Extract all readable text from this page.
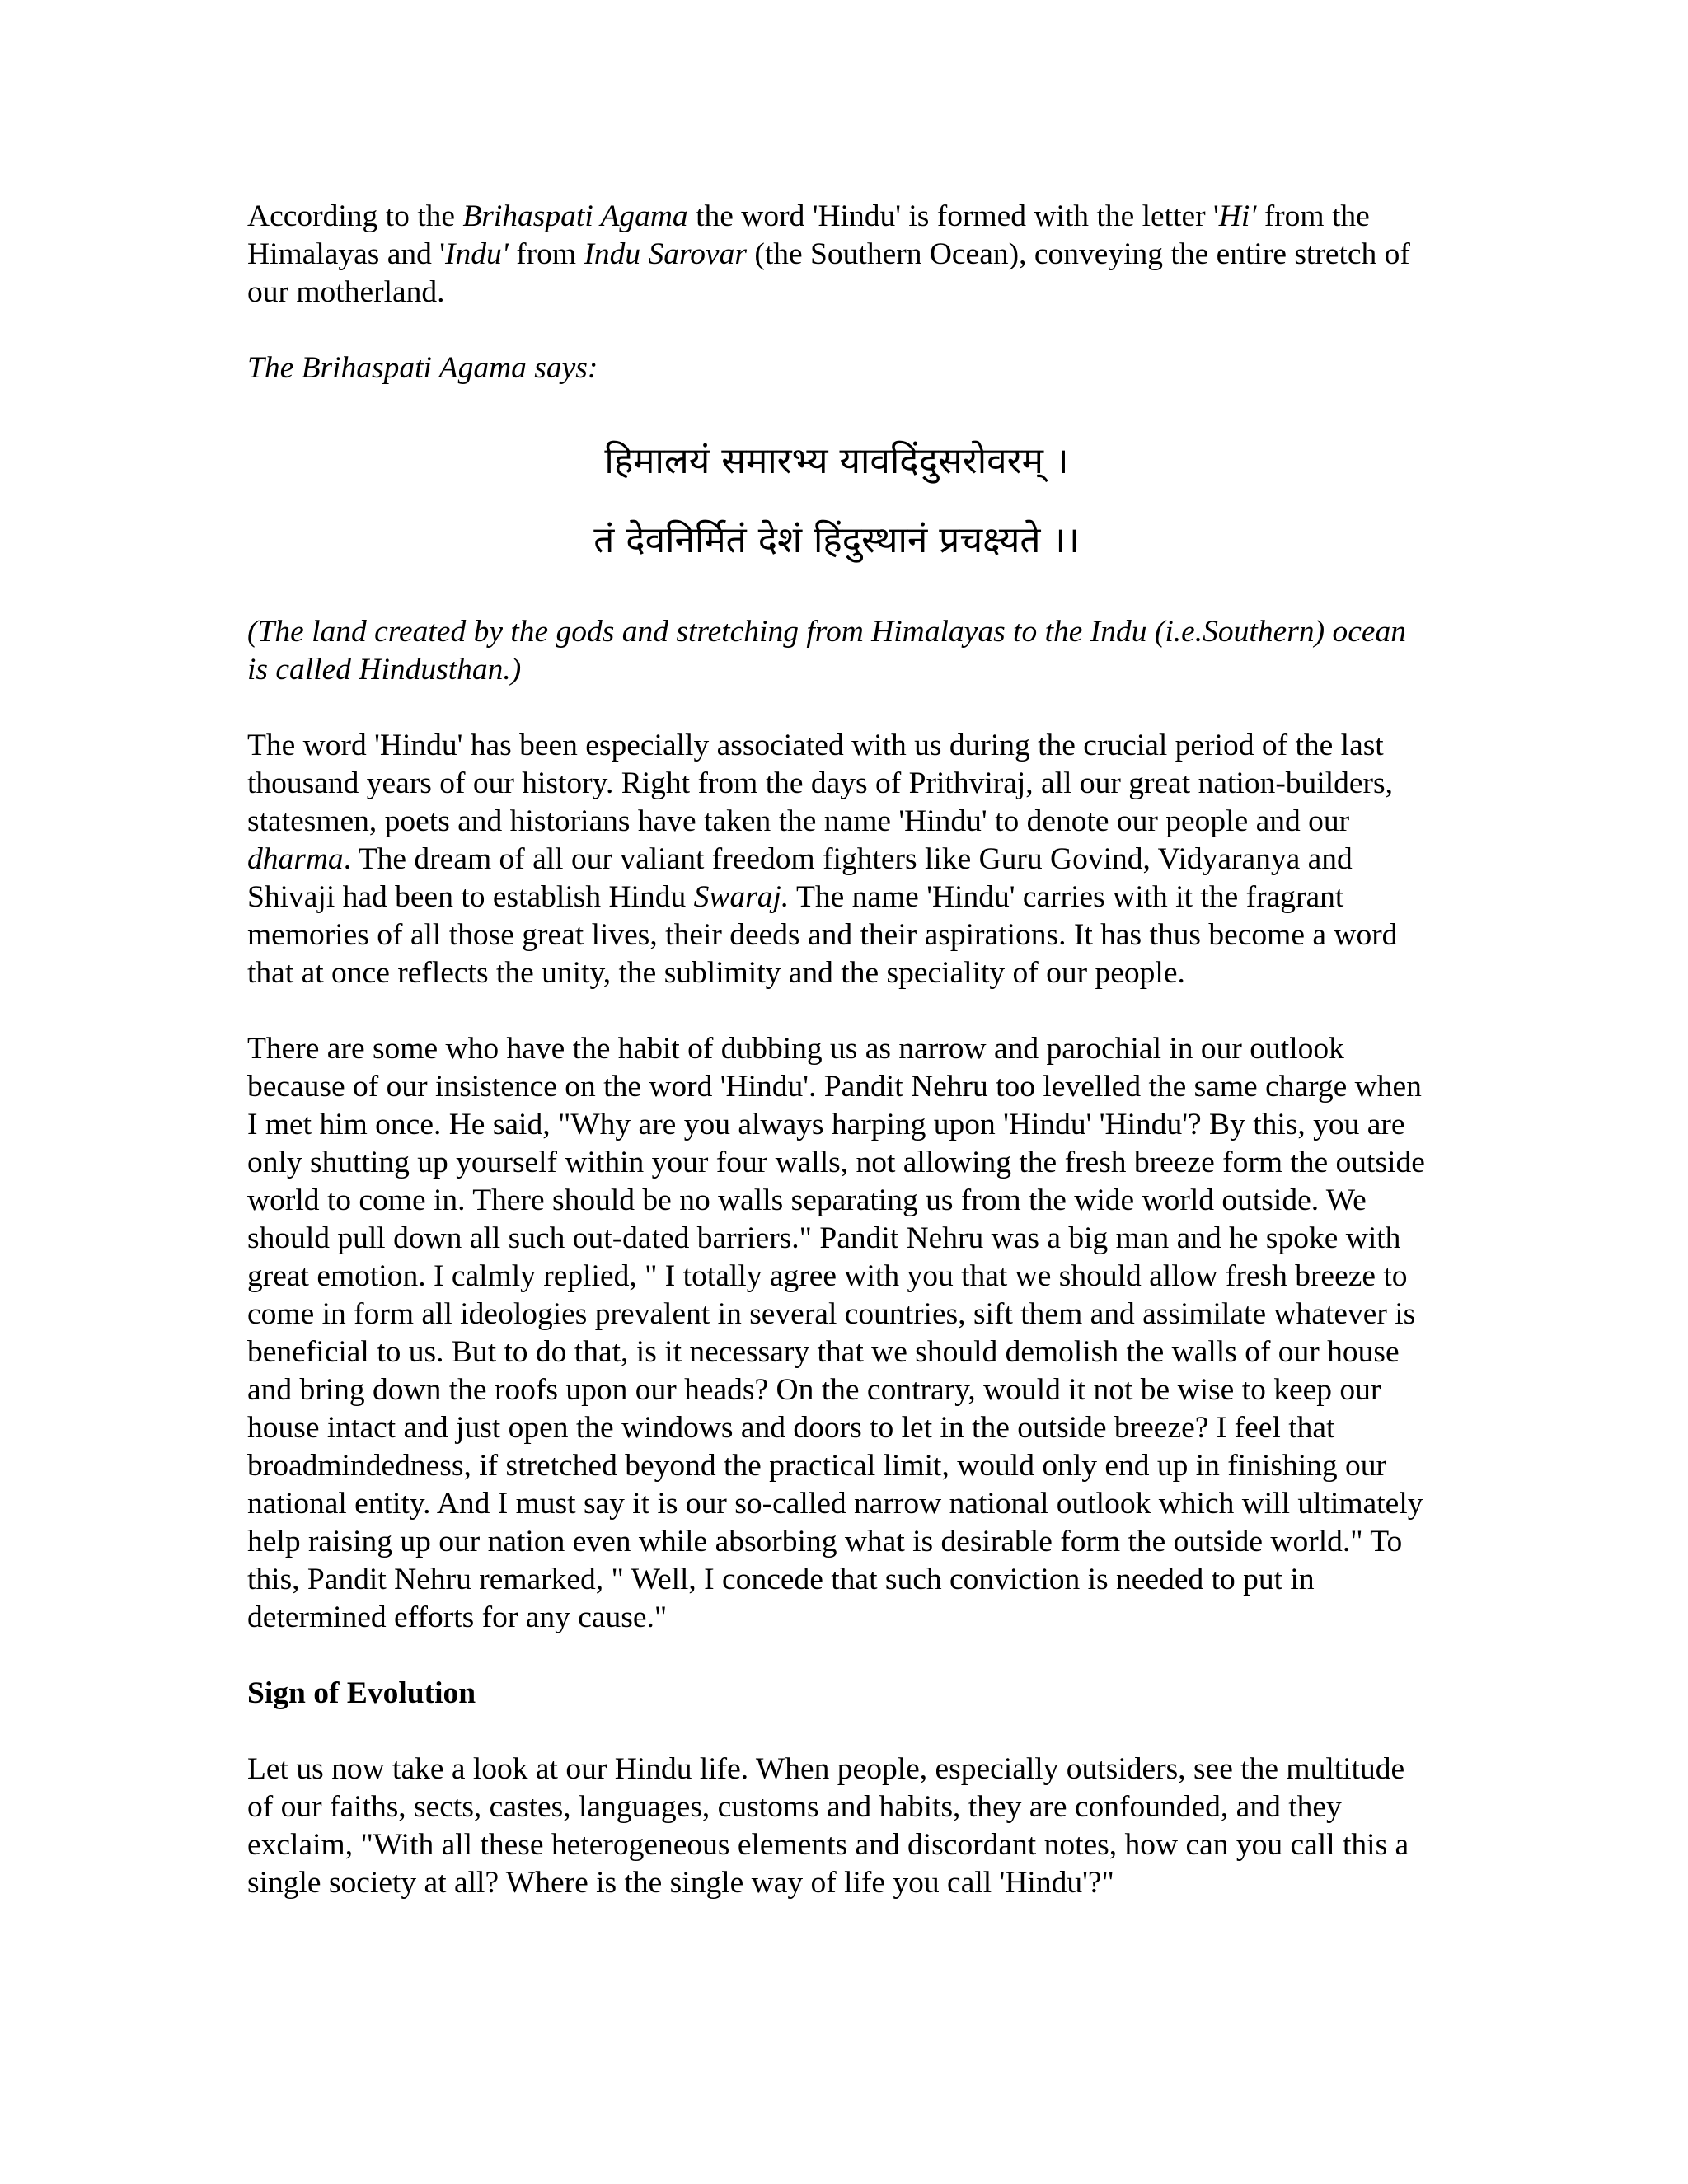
According to the Brihaspati Agama the word 'Hindu' is formed with the letter 'Hi' from the Himalayas and 'Indu' from Indu Sarovar (the Southern Ocean), conveying the entire stretch of our motherland.

The Brihaspati Agama says:

हिमालयं समारभ्य यावदिंदुसरोवरम् ।
तं देवनिर्मितं देशं हिंदुस्थानं प्रचक्ष्यते ।।

(The land created by the gods and stretching from Himalayas to the Indu (i.e.Southern) ocean is called Hindusthan.)

The word 'Hindu' has been especially associated with us during the crucial period of the last thousand years of our history. Right from the days of Prithviraj, all our great nation-builders, statesmen, poets and historians have taken the name 'Hindu' to denote our people and our dharma. The dream of all our valiant freedom fighters like Guru Govind, Vidyaranya and Shivaji had been to establish Hindu Swaraj. The name 'Hindu' carries with it the fragrant memories of all those great lives, their deeds and their aspirations. It has thus become a word that at once reflects the unity, the sublimity and the speciality of our people.

There are some who have the habit of dubbing us as narrow and parochial in our outlook because of our insistence on the word 'Hindu'. Pandit Nehru too levelled the same charge when I met him once. He said, "Why are you always harping upon 'Hindu' 'Hindu'? By this, you are only shutting up yourself within your four walls, not allowing the fresh breeze form the outside world to come in. There should be no walls separating us from the wide world outside. We should pull down all such out-dated barriers." Pandit Nehru was a big man and he spoke with great emotion. I calmly replied, " I totally agree with you that we should allow fresh breeze to come in form all ideologies prevalent in several countries, sift them and assimilate whatever is beneficial to us. But to do that, is it necessary that we should demolish the walls of our house and bring down the roofs upon our heads? On the contrary, would it not be wise to keep our house intact and just open the windows and doors to let in the outside breeze? I feel that broadmindedness, if stretched beyond the practical limit, would only end up in finishing our national entity. And I must say it is our so-called narrow national outlook which will ultimately help raising up our nation even while absorbing what is desirable form the outside world." To this, Pandit Nehru remarked, " Well, I concede that such conviction is needed to put in determined efforts for any cause."

Sign of Evolution

Let us now take a look at our Hindu life. When people, especially outsiders, see the multitude of our faiths, sects, castes, languages, customs and habits, they are confounded, and they exclaim, "With all these heterogeneous elements and discordant notes, how can you call this a single society at all? Where is the single way of life you call 'Hindu'?"
